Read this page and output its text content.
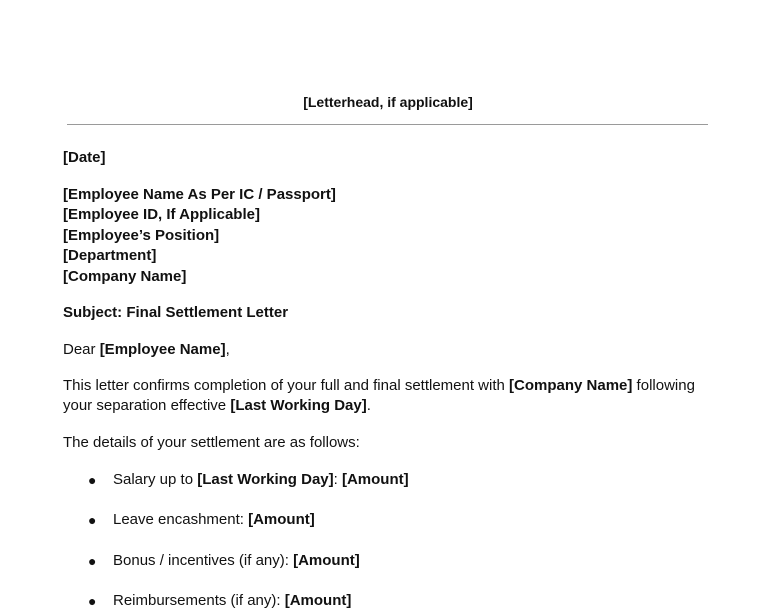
[Letterhead, if applicable]
[Date]
[Employee Name As Per IC / Passport]
[Employee ID, If Applicable]
[Employee’s Position]
[Department]
[Company Name]
Subject: Final Settlement Letter
Dear [Employee Name],
This letter confirms completion of your full and final settlement with [Company Name] following your separation effective [Last Working Day].
The details of your settlement are as follows:
● Salary up to [Last Working Day]: [Amount]
● Leave encashment: [Amount]
● Bonus / incentives (if any): [Amount]
● Reimbursements (if any): [Amount]
